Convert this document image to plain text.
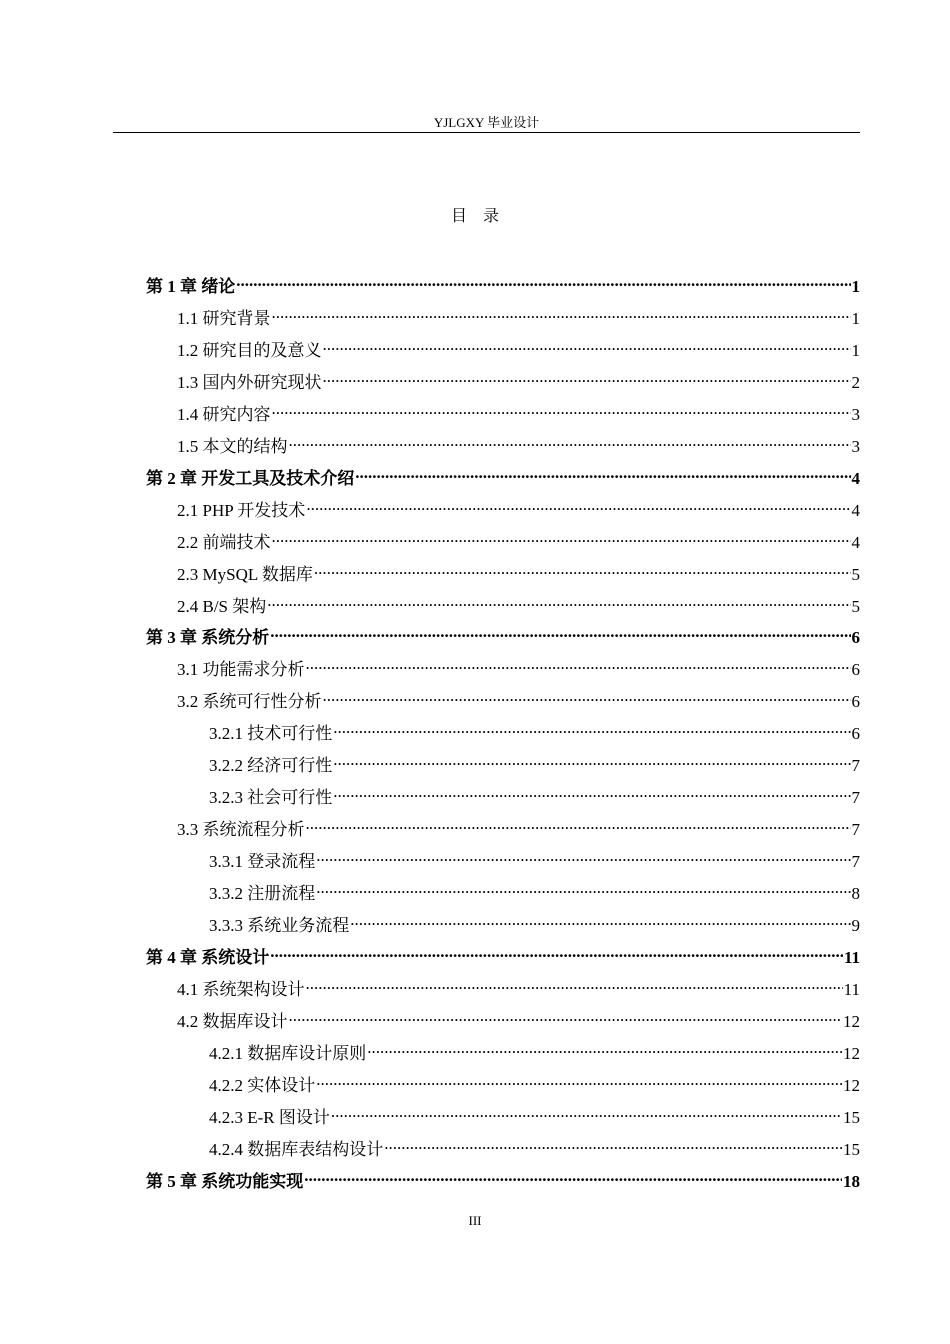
YJLGXY 毕业设计
目    录
第 1 章 绪论 .....	1
1.1 研究背景 .....	1
1.2 研究目的及意义 .....	1
1.3 国内外研究现状 .....	2
1.4 研究内容 .....	3
1.5 本文的结构 .....	3
第 2 章 开发工具及技术介绍 .....	4
2.1 PHP 开发技术 .....	4
2.2 前端技术 .....	4
2.3 MySQL 数据库 .....	5
2.4 B/S 架构 .....	5
第 3 章 系统分析 .....	6
3.1 功能需求分析 .....	6
3.2 系统可行性分析 .....	6
3.2.1 技术可行性 .....	6
3.2.2 经济可行性 .....	7
3.2.3 社会可行性 .....	7
3.3 系统流程分析 .....	7
3.3.1 登录流程 .....	7
3.3.2 注册流程 .....	8
3.3.3 系统业务流程 .....	9
第 4 章 系统设计 .....	11
4.1 系统架构设计 .....	11
4.2 数据库设计 .....	12
4.2.1 数据库设计原则 .....	12
4.2.2 实体设计 .....	12
4.2.3 E-R 图设计 .....	15
4.2.4 数据库表结构设计 .....	15
第 5 章 系统功能实现 .....	18
III
